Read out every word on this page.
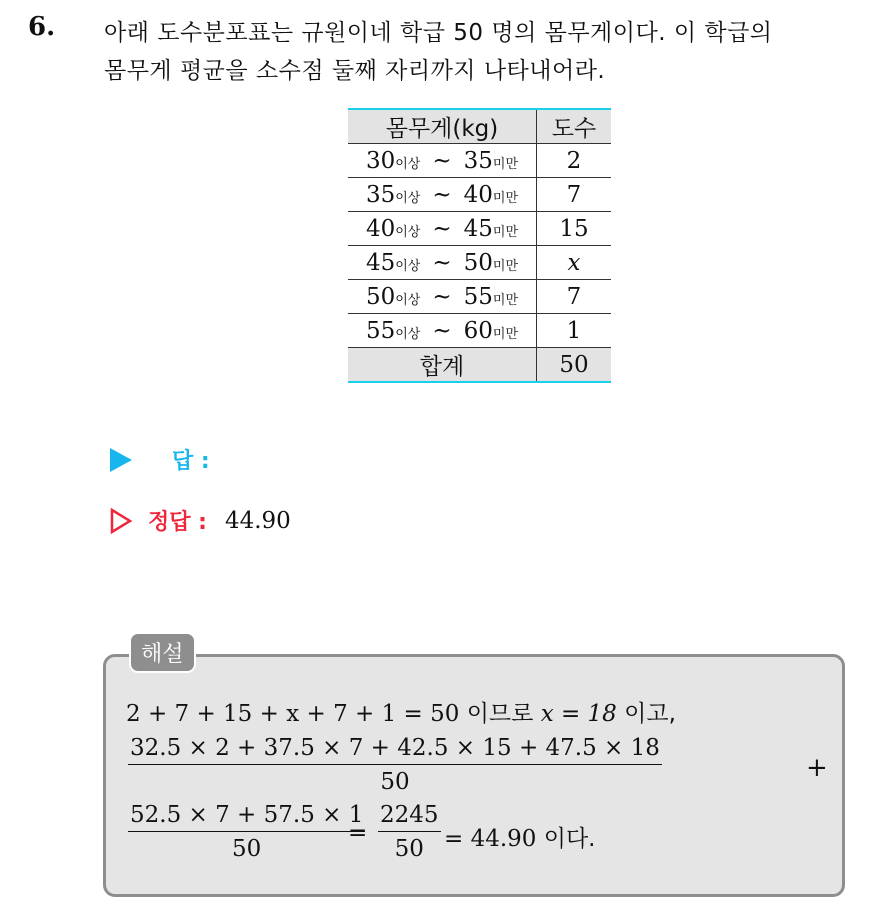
6. 아래 도수분포표는 규원이네 학급 50 명의 몸무게이다. 이 학급의
몸무게 평균을 소수점 둘째 자리까지 나타내어라.
몸무게(kg)	도수

30 이상 ~ 35 미만	2

35 이상 ~ 40 미만	7

40 이상 ~ 45 미만	15

45 이상 ~ 50 미만	x

50 이상 ~ 55 미만	7

55 이상 ~ 60 미만	1
합계	50
답 :
정답 : 44.90
해설
2 + 7 + 15 + x + 7 + 1 = 50 이므로 x = 18 이고,
$\frac{32.5 \times 2 + 37.5 \times 7 + 42.5 \times 15 + 47.5 \times 18}{50}$	+
$\frac{52.5 \times 7 + 57.5 \times 1}{50}$
= $\frac{2245}{50} = 44.90$ 이다.
